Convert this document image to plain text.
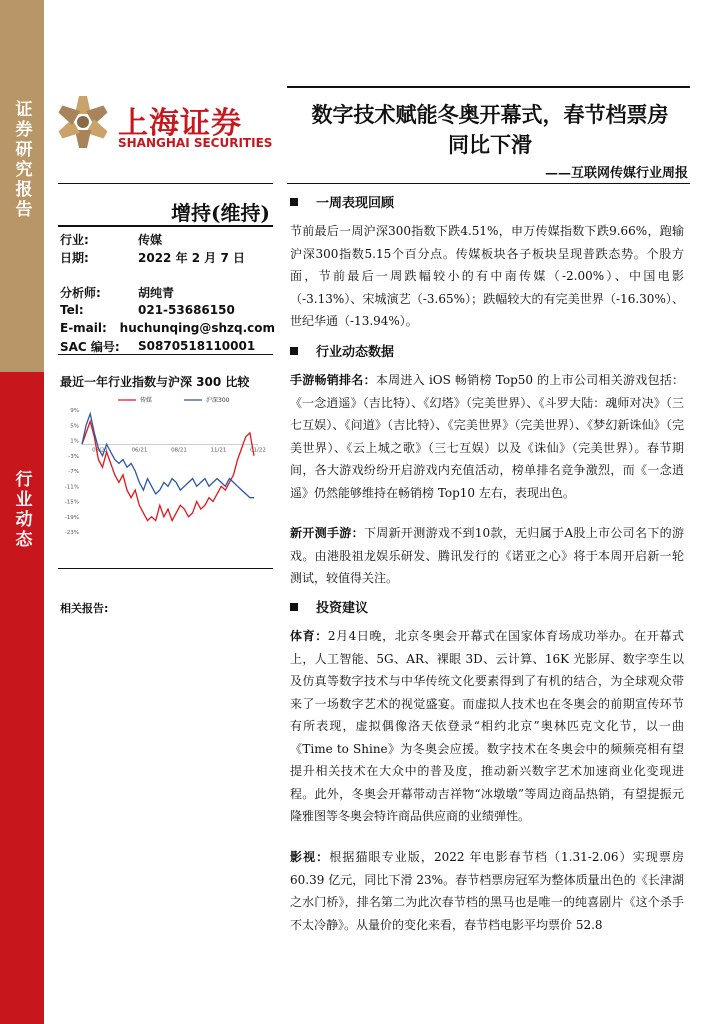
证券研究报告
行业动态
上海证券
SHANGHAI SECURITIES
数字技术赋能冬奥开幕式，春节档票房
同比下滑
——互联网传媒行业周报
增持(维持)
行业:	传媒
日期:	2022 年 2 月 7 日
分析师:	胡纯青
Tel:	021-53686150
E-mail:	huchunqing@shzq.com
SAC 编号:	S0870518110001
最近一年行业指数与沪深 300 比较
9%
5%
1%
-3%
-7%
-11%
-15%
-19%
-23%
03/21	06/21	08/21	11/21	01/22
传媒	沪深300
相关报告:
一周表现回顾
节前最后一周沪深300指数下跌4.51%，申万传媒指数下跌9.66%，跑输沪深300指数5.15个百分点。传媒板块各子板块呈现普跌态势。个股方面，节前最后一周跌幅较小的有中南传媒（-2.00%）、中国电影（-3.13%）、宋城演艺（-3.65%）；跌幅较大的有完美世界（-16.30%）、世纪华通（-13.94%）。
行业动态数据
手游畅销排名：本周进入 iOS 畅销榜 Top50 的上市公司相关游戏包括：《一念逍遥》（吉比特）、《幻塔》（完美世界）、《斗罗大陆：魂师对决》（三七互娱）、《问道》（吉比特）、《完美世界》（完美世界）、《梦幻新诛仙》（完美世界）、《云上城之歌》（三七互娱）以及《诛仙》（完美世界）。春节期间，各大游戏纷纷开启游戏内充值活动，榜单排名竞争激烈，而《一念逍遥》仍然能够维持在畅销榜 Top10 左右，表现出色。
新开测手游：下周新开测游戏不到10款，无归属于A股上市公司名下的游戏。由港股祖龙娱乐研发、腾讯发行的《诺亚之心》将于本周开启新一轮测试，较值得关注。
投资建议
体育：2月4日晚，北京冬奥会开幕式在国家体育场成功举办。在开幕式上，人工智能、5G、AR、裸眼 3D、云计算、16K 光影屏、数字孪生以及仿真等数字技术与中华传统文化要素得到了有机的结合，为全球观众带来了一场数字艺术的视觉盛宴。而虚拟人技术也在冬奥会的前期宣传环节有所表现，虚拟偶像洛天依登录“相约北京”奥林匹克文化节，以一曲《Time to Shine》为冬奥会应援。数字技术在冬奥会中的频频亮相有望提升相关技术在大众中的普及度，推动新兴数字艺术加速商业化变现进程。此外，冬奥会开幕带动吉祥物“冰墩墩”等周边商品热销，有望提振元隆雅图等冬奥会特许商品供应商的业绩弹性。
影视：根据猫眼专业版，2022 年电影春节档（1.31-2.06）实现票房60.39 亿元，同比下滑 23%。春节档票房冠军为整体质量出色的《长津湖之水门桥》，排名第二为此次春节档的黑马也是唯一的纯喜剧片《这个杀手不太冷静》。从量价的变化来看，春节档电影平均票价 52.8
